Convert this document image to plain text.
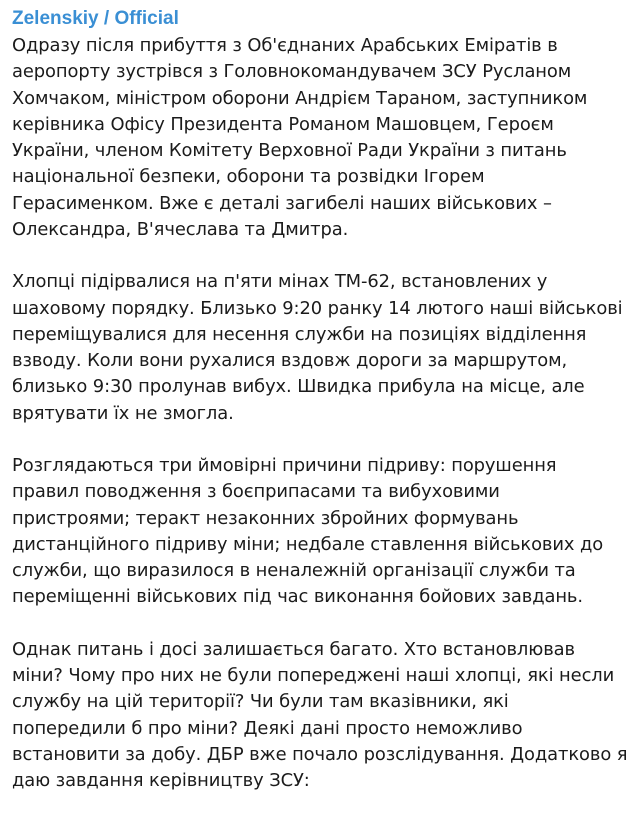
Zelenskiy / Official
Одразу після прибуття з Об'єднаних Арабських Еміратів в
аеропорту зустрівся з Головнокомандувачем ЗСУ Русланом
Хомчаком, міністром оборони Андрієм Тараном, заступником
керівника Офісу Президента Романом Машовцем, Героєм
України, членом Комітету Верховної Ради України з питань
національної безпеки, оборони та розвідки Ігорем
Герасименком. Вже є деталі загибелі наших військових –
Олександра, В'ячеслава та Дмитра.
Хлопці підірвалися на п'яти мінах ТМ-62, встановлених у
шаховому порядку. Близько 9:20 ранку 14 лютого наші військові
переміщувалися для несення служби на позиціях відділення
взводу. Коли вони рухалися вздовж дороги за маршрутом,
близько 9:30 пролунав вибух. Швидка прибула на місце, але
врятувати їх не змогла.
Розглядаються три ймовірні причини підриву: порушення
правил поводження з боєприпасами та вибуховими
пристроями; теракт незаконних збройних формувань
дистанційного підриву міни; недбале ставлення військових до
служби, що виразилося в неналежній організації служби та
переміщенні військових під час виконання бойових завдань.
Однак питань і досі залишається багато. Хто встановлював
міни? Чому про них не були попереджені наші хлопці, які несли
службу на цій території? Чи були там вказівники, які
попередили б про міни? Деякі дані просто неможливо
встановити за добу. ДБР вже почало розслідування. Додатково я
даю завдання керівництву ЗСУ:
